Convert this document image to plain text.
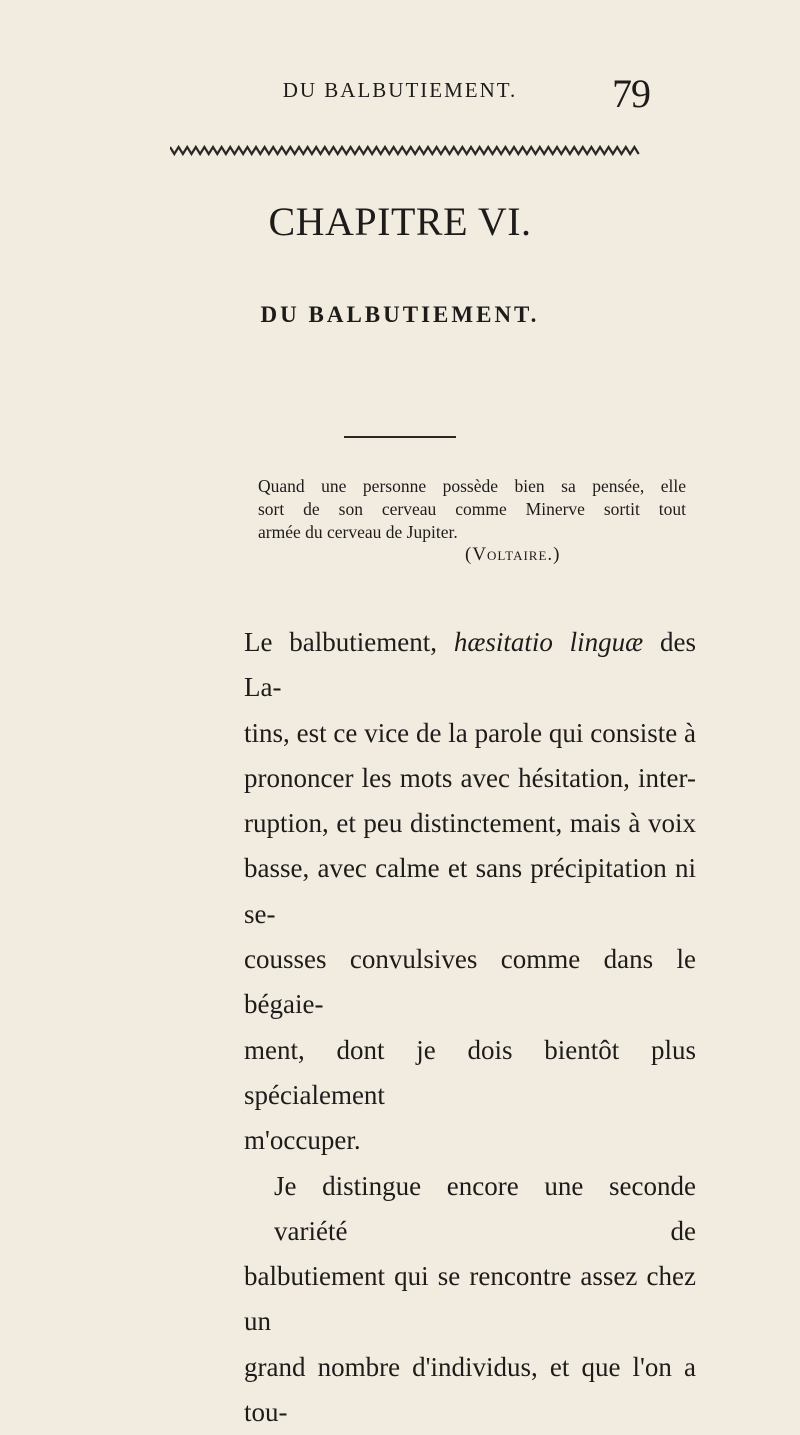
DU BALBUTIEMENT.	79
CHAPITRE VI.
DU BALBUTIEMENT.
Quand une personne possède bien sa pensée, elle
sort de son cerveau comme Minerve sortit tout
armée du cerveau de Jupiter.
(Voltaire.)
Le balbutiement, hæsitatio linguæ des La-
tins, est ce vice de la parole qui consiste à
prononcer les mots avec hésitation, inter-
ruption, et peu distinctement, mais à voix
basse, avec calme et sans précipitation ni se-
cousses convulsives comme dans le bégaie-
ment, dont je dois bientôt plus spécialement
m'occuper.
Je distingue encore une seconde variété de
balbutiement qui se rencontre assez chez un
grand nombre d'individus, et que l'on a tou-
